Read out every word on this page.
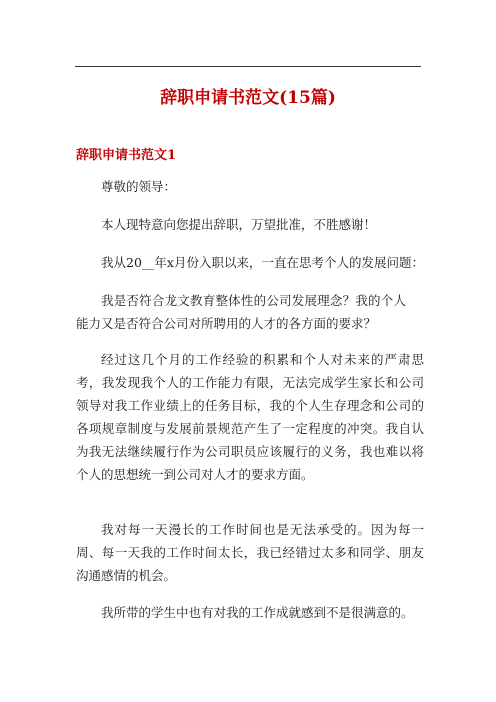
辞职申请书范文(15篇)
辞职申请书范文1

尊敬的领导：

本人现特意向您提出辞职，万望批准，不胜感谢！

我从20__年x月份入职以来，一直在思考个人的发展问题：

我是否符合龙文教育整体性的公司发展理念？我的个人能力又是否符合公司对所聘用的人才的各方面的要求？

经过这几个月的工作经验的积累和个人对未来的严肃思考，我发现我个人的工作能力有限，无法完成学生家长和公司领导对我工作业绩上的任务目标，我的个人生存理念和公司的各项规章制度与发展前景规范产生了一定程度的冲突。我自认为我无法继续履行作为公司职员应该履行的义务，我也难以将个人的思想统一到公司对人才的要求方面。

我对每一天漫长的工作时间也是无法承受的。因为每一周、每一天我的工作时间太长，我已经错过太多和同学、朋友沟通感情的机会。

我所带的学生中也有对我的工作成就感到不是很满意的。
